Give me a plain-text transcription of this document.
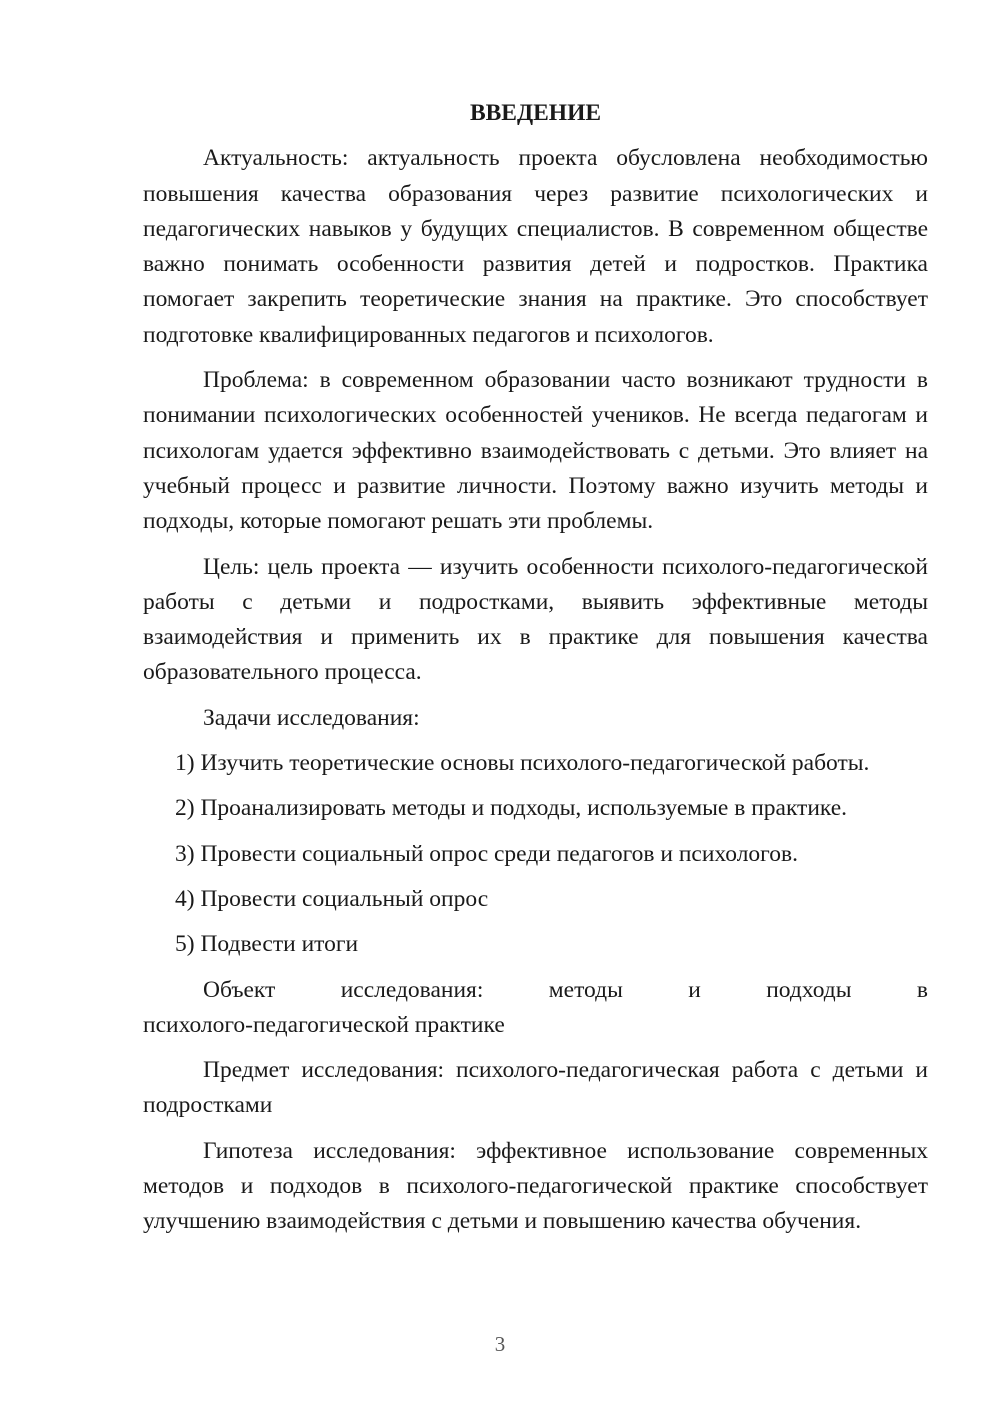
ВВЕДЕНИЕ

Актуальность: актуальность проекта обусловлена необходимостью повышения качества образования через развитие психологических и педагогических навыков у будущих специалистов. В современном обществе важно понимать особенности развития детей и подростков. Практика помогает закрепить теоретические знания на практике. Это способствует подготовке квалифицированных педагогов и психологов.

Проблема: в современном образовании часто возникают трудности в понимании психологических особенностей учеников. Не всегда педагогам и психологам удается эффективно взаимодействовать с детьми. Это влияет на учебный процесс и развитие личности. Поэтому важно изучить методы и подходы, которые помогают решать эти проблемы.

Цель: цель проекта — изучить особенности психолого-педагогической работы с детьми и подростками, выявить эффективные методы взаимодействия и применить их в практике для повышения качества образовательного процесса.

Задачи исследования:

1) Изучить теоретические основы психолого-педагогической работы.
2) Проанализировать методы и подходы, используемые в практике.
3) Провести социальный опрос среди педагогов и психологов.
4) Провести социальный опрос
5) Подвести итоги

Объект исследования: методы и подходы в

психолого-педагогической практике

Предмет исследования: психолого-педагогическая работа с детьми и подростками

Гипотеза исследования: эффективное использование современных методов и подходов в психолого-педагогической практике способствует улучшению взаимодействия с детьми и повышению качества обучения.

3
